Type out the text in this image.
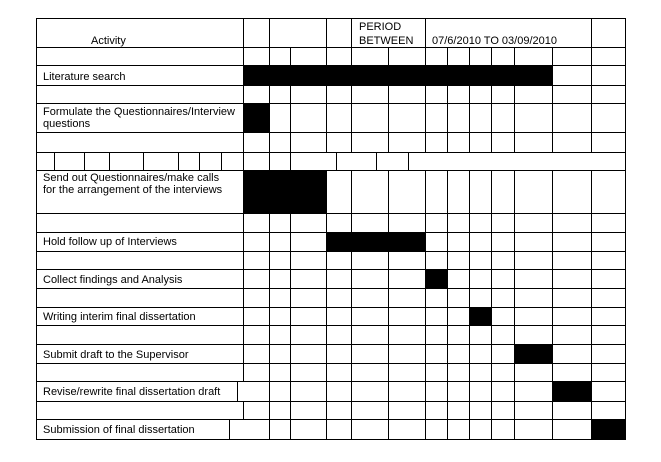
Activity
PERIOD
BETWEEN 07/6/2010 TO 03/09/2010
Literature search
Formulate the Questionnaires/Interview questions
Send out Questionnaires/make calls for the arrangement of the interviews
Hold follow up of Interviews
Collect findings and Analysis
Writing interim final dissertation
Submit draft to the Supervisor
Revise/rewrite final dissertation draft
Submission of final dissertation
